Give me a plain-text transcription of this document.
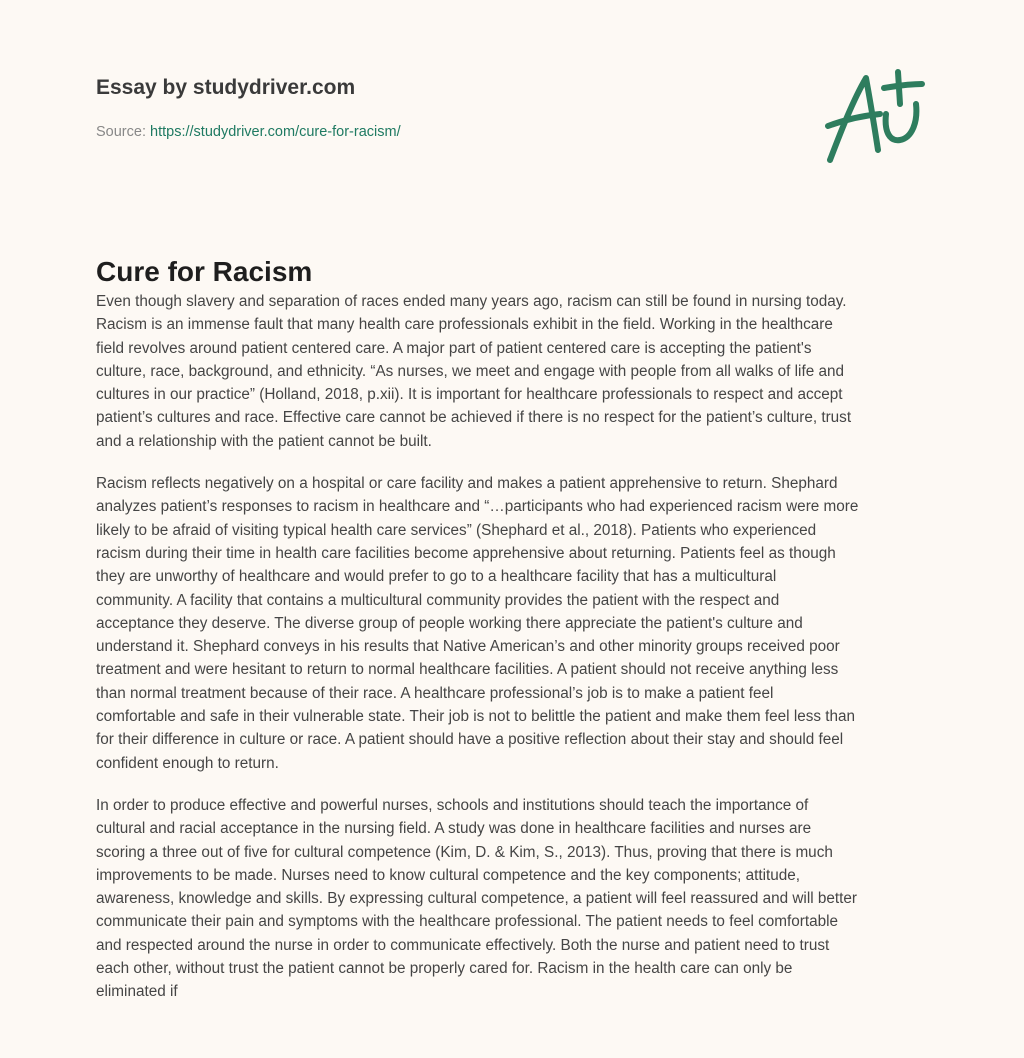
Essay by studydriver.com
Source: https://studydriver.com/cure-for-racism/
Cure for Racism

Even though slavery and separation of races ended many years ago, racism can still be found in nursing today.
Racism is an immense fault that many health care professionals exhibit in the field. Working in the healthcare
field revolves around patient centered care. A major part of patient centered care is accepting the patient's
culture, race, background, and ethnicity. “As nurses, we meet and engage with people from all walks of life and
cultures in our practice” (Holland, 2018, p.xii). It is important for healthcare professionals to respect and accept
patient’s cultures and race. Effective care cannot be achieved if there is no respect for the patient’s culture, trust
and a relationship with the patient cannot be built.

Racism reflects negatively on a hospital or care facility and makes a patient apprehensive to return. Shephard
analyzes patient’s responses to racism in healthcare and “…participants who had experienced racism were more
likely to be afraid of visiting typical health care services” (Shephard et al., 2018). Patients who experienced
racism during their time in health care facilities become apprehensive about returning. Patients feel as though
they are unworthy of healthcare and would prefer to go to a healthcare facility that has a multicultural
community. A facility that contains a multicultural community provides the patient with the respect and
acceptance they deserve. The diverse group of people working there appreciate the patient's culture and
understand it. Shephard conveys in his results that Native American’s and other minority groups received poor
treatment and were hesitant to return to normal healthcare facilities. A patient should not receive anything less
than normal treatment because of their race. A healthcare professional’s job is to make a patient feel
comfortable and safe in their vulnerable state. Their job is not to belittle the patient and make them feel less than
for their difference in culture or race. A patient should have a positive reflection about their stay and should feel
confident enough to return.

In order to produce effective and powerful nurses, schools and institutions should teach the importance of
cultural and racial acceptance in the nursing field. A study was done in healthcare facilities and nurses are
scoring a three out of five for cultural competence (Kim, D. & Kim, S., 2013). Thus, proving that there is much
improvements to be made. Nurses need to know cultural competence and the key components; attitude,
awareness, knowledge and skills. By expressing cultural competence, a patient will feel reassured and will better
communicate their pain and symptoms with the healthcare professional. The patient needs to feel comfortable
and respected around the nurse in order to communicate effectively. Both the nurse and patient need to trust
each other, without trust the patient cannot be properly cared for. Racism in the health care can only be
eliminated if
